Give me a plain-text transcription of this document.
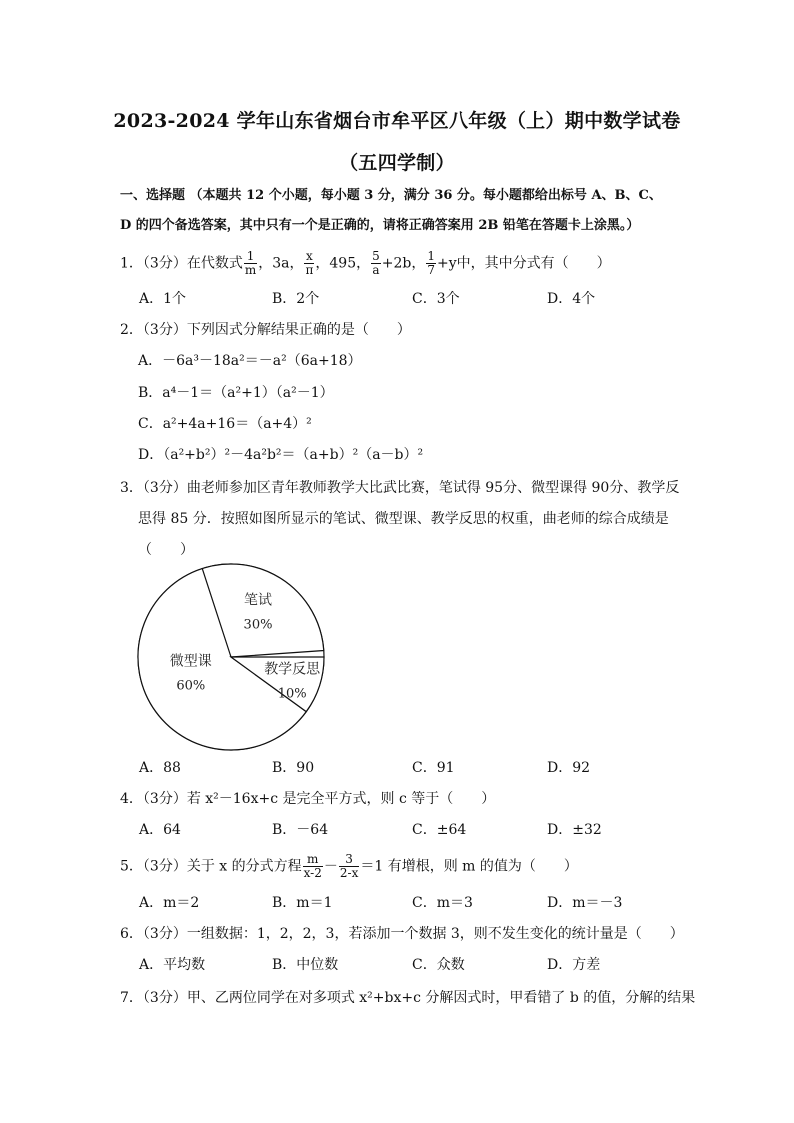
2023-2024 学年山东省烟台市牟平区八年级（上）期中数学试卷
（五四学制）
一、选择题 （本题共 12 个小题，每小题 3 分，满分 36 分。每小题都给出标号 A、B、C、
D 的四个备选答案，其中只有一个是正确的，请将正确答案用 2B 铅笔在答题卡上涂黑。）
1．（3分）在代数式 $\frac{1}{m}$ ，3a， $\frac{x}{\pi}$ ，495， $\frac{5}{a} +2b$， $\frac{1}{7} +y$中，其中分式有（　　）
A．1个	B．2个	C．3个	D．4个
2．（3分）下列因式分解结果正确的是（　　）
A．－6a³－18a²＝－a²（6a+18）
B．a⁴－1＝（a²+1）（a²－1）
C．a²+4a+16＝（a+4）²
D．（a²+b²）²－4a²b²＝（a+b）²（a－b）²
3．（3分）曲老师参加区青年教师教学大比武比赛，笔试得 95分、微型课得 90分、教学反
思得 85 分．按照如图所显示的笔试、微型课、教学反思的权重，曲老师的综合成绩是
（　　）
笔试
30%
微型课
60%
教学反思
10%
A．88	B．90	C．91	D．92
4．（3分）若 x²－16x+c 是完全平方式，则 c 等于（　　）
A．64	B．－64	C．±64	D．±32
5．（3分）关于 x 的分式方程 $\frac{m}{x-2} - \frac{3}{2-x} =1$ 有增根，则 m 的值为（　　）
A．m＝2	B．m＝1	C．m＝3	D．m＝－3
6．（3分）一组数据：1，2，2，3，若添加一个数据 3，则不发生变化的统计量是（　　）
A．平均数	B．中位数	C．众数	D．方差
7．（3分）甲、乙两位同学在对多项式 x²+bx+c 分解因式时，甲看错了 b 的值，分解的结果
